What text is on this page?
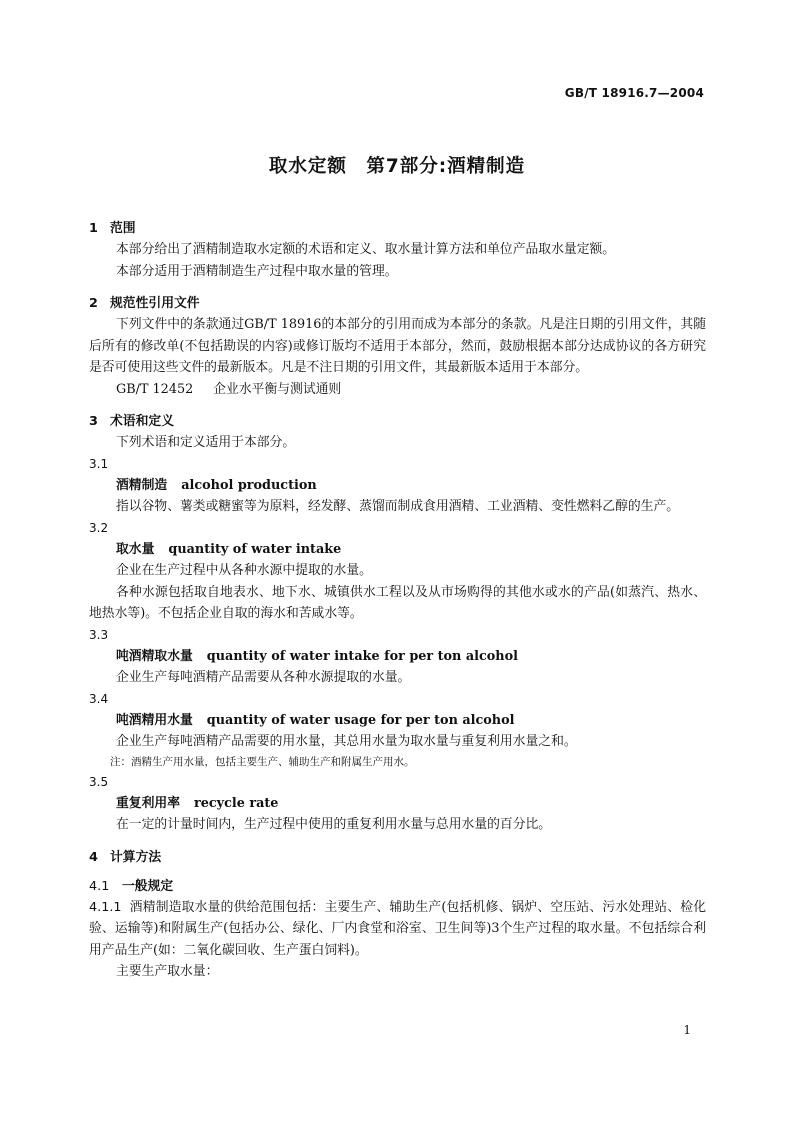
GB/T 18916.7—2004
取水定额　第7部分:酒精制造
1 范围
本部分给出了酒精制造取水定额的术语和定义、取水量计算方法和单位产品取水量定额。
本部分适用于酒精制造生产过程中取水量的管理。
2 规范性引用文件
下列文件中的条款通过GB/T 18916的本部分的引用而成为本部分的条款。凡是注日期的引用文件，其随后所有的修改单(不包括勘误的内容)或修订版均不适用于本部分，然而，鼓励根据本部分达成协议的各方研究是否可使用这些文件的最新版本。凡是不注日期的引用文件，其最新版本适用于本部分。
GB/T 12452 企业水平衡与测试通则
3 术语和定义
下列术语和定义适用于本部分。
3.1
酒精制造 alcohol production
指以谷物、薯类或糖蜜等为原料，经发酵、蒸馏而制成食用酒精、工业酒精、变性燃料乙醇的生产。
3.2
取水量 quantity of water intake
企业在生产过程中从各种水源中提取的水量。
各种水源包括取自地表水、地下水、城镇供水工程以及从市场购得的其他水或水的产品(如蒸汽、热水、地热水等)。不包括企业自取的海水和苦咸水等。
3.3
吨酒精取水量 quantity of water intake for per ton alcohol
企业生产每吨酒精产品需要从各种水源提取的水量。
3.4
吨酒精用水量 quantity of water usage for per ton alcohol
企业生产每吨酒精产品需要的用水量，其总用水量为取水量与重复利用水量之和。
注：酒精生产用水量，包括主要生产、辅助生产和附属生产用水。
3.5
重复利用率 recycle rate
在一定的计量时间内，生产过程中使用的重复利用水量与总用水量的百分比。
4 计算方法
4.1 一般规定
4.1.1 酒精制造取水量的供给范围包括：主要生产、辅助生产(包括机修、锅炉、空压站、污水处理站、检化验、运输等)和附属生产(包括办公、绿化、厂内食堂和浴室、卫生间等)3个生产过程的取水量。不包括综合利用产品生产(如：二氧化碳回收、生产蛋白饲料)。
主要生产取水量：
1
